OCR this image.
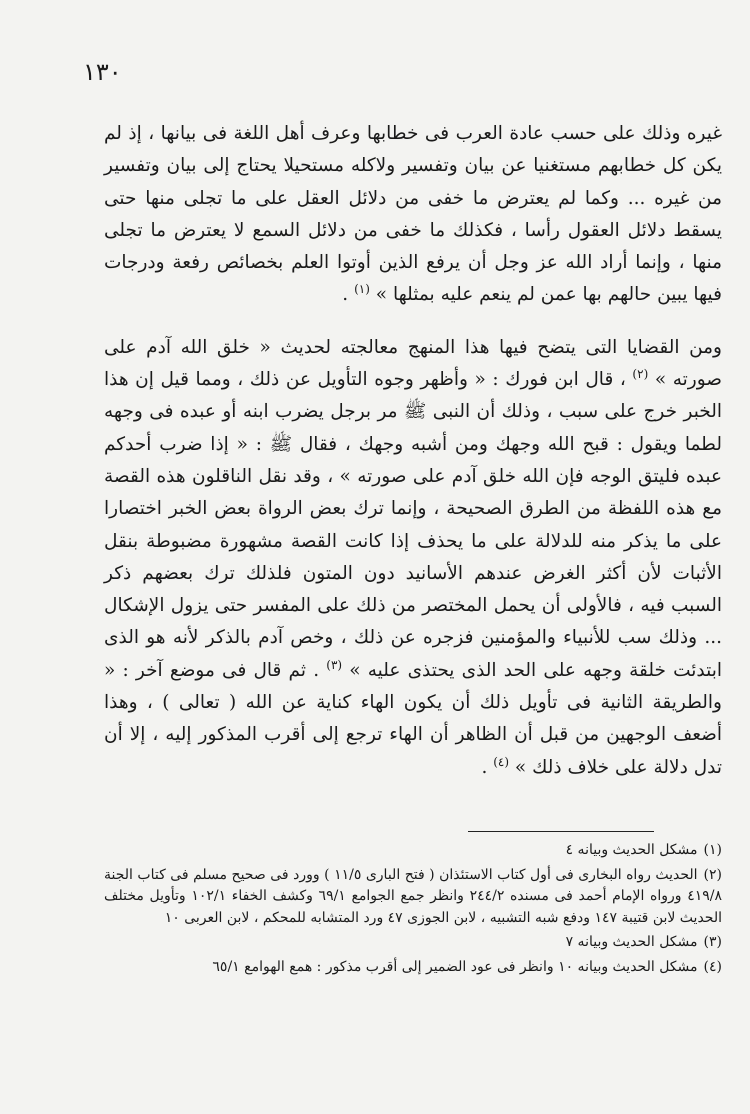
١٣٠

غيره وذلك على حسب عادة العرب فى خطابها وعرف أهل اللغة فى بيانها ، إذ لم يكن كل خطابهم مستغنيا عن بيان وتفسير ولاكله مستحيلا يحتاج إلى بيان وتفسير من غيره ... وكما لم يعترض ما خفى من دلائل العقل على ما تجلى منها حتى يسقط دلائل العقول رأسا ، فكذلك ما خفى من دلائل السمع لا يعترض ما تجلى منها ، وإنما أراد الله عز وجل أن يرفع الذين أوتوا العلم بخصائص رفعة ودرجات فيها يبين حالهم بها عمن لم ينعم عليه بمثلها » $^{(١)}$ .

ومن القضايا التى يتضح فيها هذا المنهج معالجته لحديث « خلق الله آدم على صورته » $^{(٢)}$ ، قال ابن فورك : « وأظهر وجوه التأويل عن ذلك ، ومما قيل إن هذا الخبر خرج على سبب ، وذلك أن النبى ﷺ مر برجل يضرب ابنه أو عبده فى وجهه لطما ويقول : قبح الله وجهك ومن أشبه وجهك ، فقال ﷺ : « إذا ضرب أحدكم عبده فليتق الوجه فإن الله خلق آدم على صورته » ، وقد نقل الناقلون هذه القصة مع هذه اللفظة من الطرق الصحيحة ، وإنما ترك بعض الرواة بعض الخبر اختصارا على ما يذكر منه للدلالة على ما يحذف إذا كانت القصة مشهورة مضبوطة بنقل الأثبات لأن أكثر الغرض عندهم الأسانيد دون المتون فلذلك ترك بعضهم ذكر السبب فيه ، فالأولى أن يحمل المختصر من ذلك على المفسر حتى يزول الإشكال ... وذلك سب للأنبياء والمؤمنين فزجره عن ذلك ، وخص آدم بالذكر لأنه هو الذى ابتدئت خلقة وجهه على الحد الذى يحتذى عليه » $^{(٣)}$ . ثم قال فى موضع آخر : « والطريقة الثانية فى تأويل ذلك أن يكون الهاء كناية عن الله ( تعالى ) ، وهذا أضعف الوجهين من قبل أن الظاهر أن الهاء ترجع إلى أقرب المذكور إليه ، إلا أن تدل دلالة على خلاف ذلك » $^{(٤)}$ .

(١)مشكل الحديث وبيانه ٤

(٢)الحديث رواه البخارى فى أول كتاب الاستئذان ( فتح البارى ١١/٥ ) وورد فى صحيح مسلم فى كتاب الجنة ٤١٩/٨ ورواه الإمام أحمد فى مسنده ٢٤٤/٢ وانظر جمع الجوامع ٦٩/١ وكشف الخفاء ١٠٢/١ وتأويل مختلف الحديث لابن قتيبة ١٤٧ ودفع شبه التشبيه ، لابن الجوزى ٤٧ ورد المتشابه للمحكم ، لابن العربى ١٠

(٣)مشكل الحديث وبيانه ٧

(٤)مشكل الحديث وبيانه ١٠ وانظر فى عود الضمير إلى أقرب مذكور : همع الهوامع ٦٥/١
